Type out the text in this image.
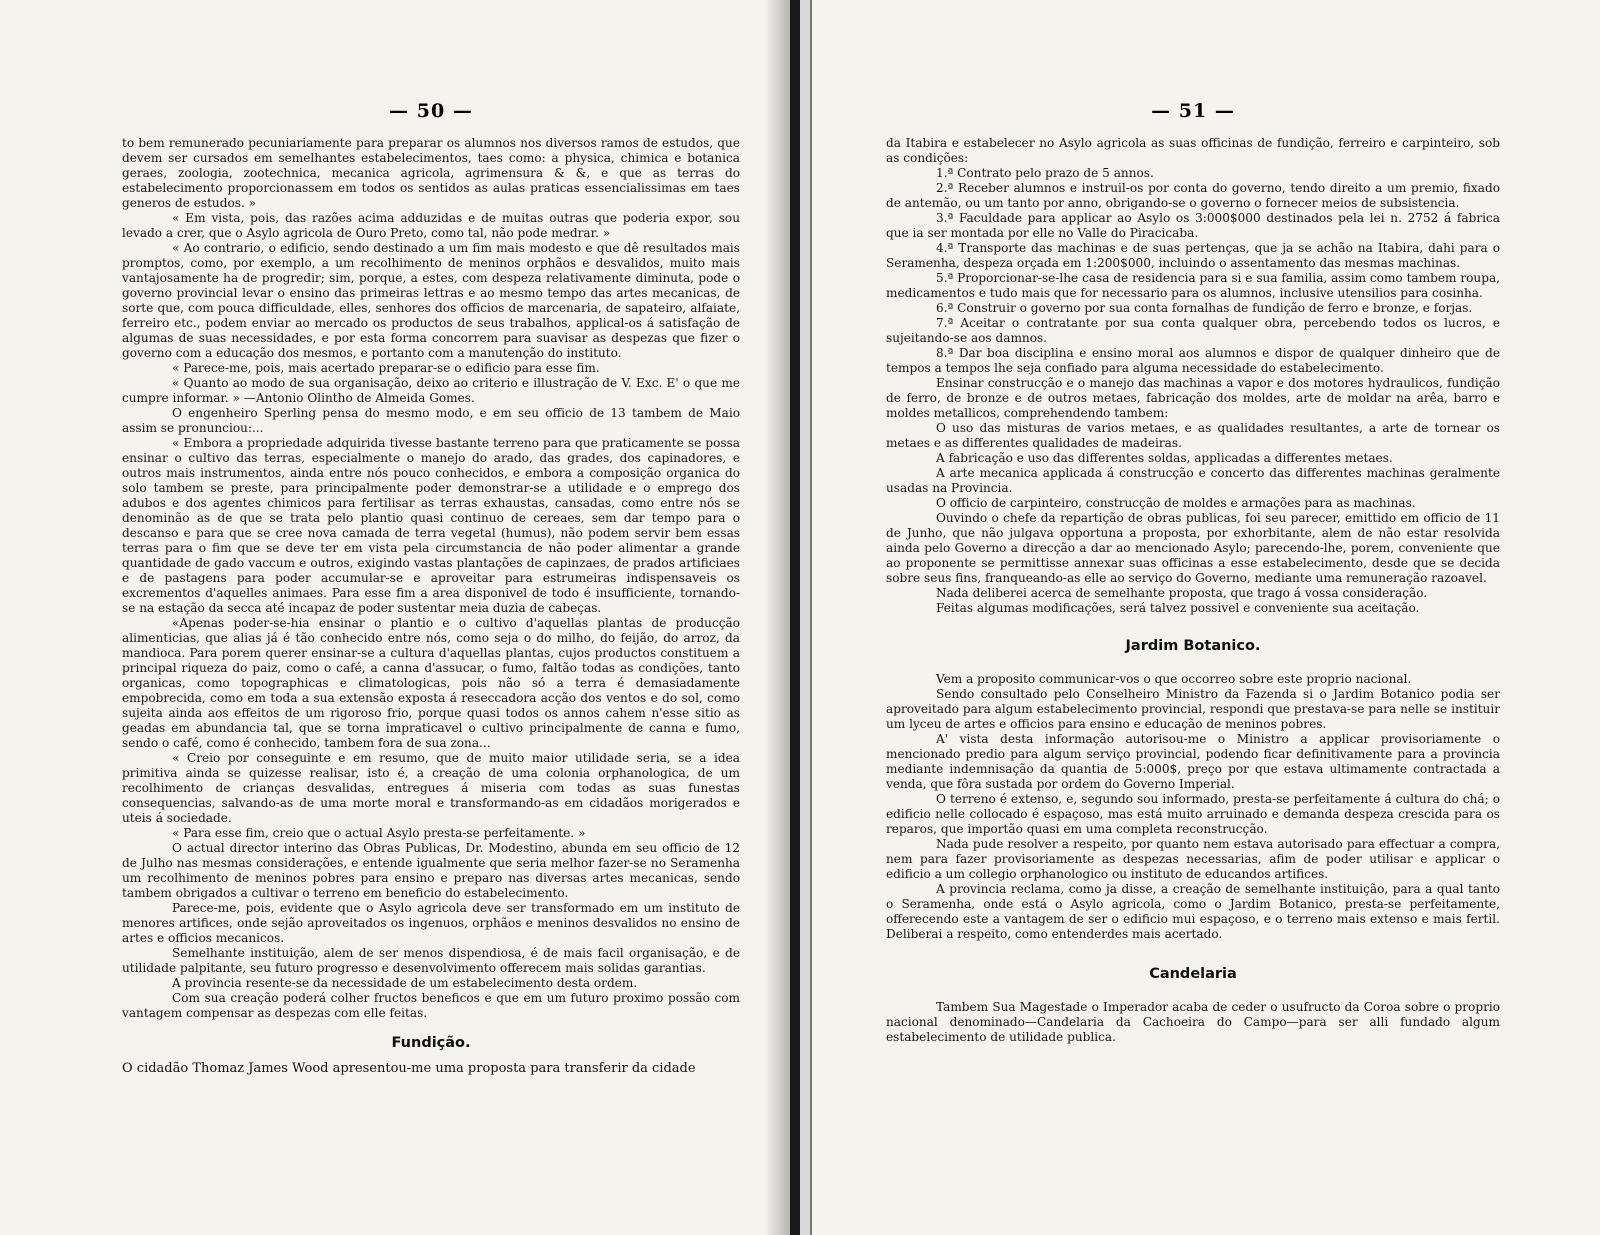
— 50 —

to bem remunerado pecuniariamente para preparar os alumnos nos diversos ramos de estudos, que devem ser cursados em semelhantes estabelecimentos, taes como: a physica, chimica e botanica geraes, zoologia, zootechnica, mecanica agricola, agrimensura & &, e que as terras do estabelecimento proporcionassem em todos os sentidos as aulas praticas essencialissimas em taes generos de estudos. »

« Em vista, pois, das razões acima adduzidas e de muitas outras que poderia expor, sou levado a crer, que o Asylo agricola de Ouro Preto, como tal, não pode medrar. »

« Ao contrario, o edificio, sendo destinado a um fim mais modesto e que dê resultados mais promptos, como, por exemplo, a um recolhimento de meninos orphãos e desvalidos, muito mais vantajosamente ha de progredir; sim, porque, a estes, com despeza relativamente diminuta, pode o governo provincial levar o ensino das primeiras lettras e ao mesmo tempo das artes mecanicas, de sorte que, com pouca difficuldade, elles, senhores dos officios de marcenaria, de sapateiro, alfaiate, ferreiro etc., podem enviar ao mercado os productos de seus trabalhos, applical-os á satisfação de algumas de suas necessidades, e por esta forma concorrem para suavisar as despezas que fizer o governo com a educação dos mesmos, e portanto com a manutenção do instituto.

« Parece-me, pois, mais acertado preparar-se o edificio para esse fim.

« Quanto ao modo de sua organisação, deixo ao criterio e illustração de V. Exc. E' o que me cumpre informar. » —Antonio Olintho de Almeida Gomes.

O engenheiro Sperling pensa do mesmo modo, e em seu officio de 13 tambem de Maio assim se pronunciou:...

« Embora a propriedade adquirida tivesse bastante terreno para que praticamente se possa ensinar o cultivo das terras, especialmente o manejo do arado, das grades, dos capinadores, e outros mais instrumentos, ainda entre nós pouco conhecidos, e embora a composição organica do solo tambem se preste, para principalmente poder demonstrar-se a utilidade e o emprego dos adubos e dos agentes chimicos para fertilisar as terras exhaustas, cansadas, como entre nós se denominão as de que se trata pelo plantio quasi continuo de cereaes, sem dar tempo para o descanso e para que se cree nova camada de terra vegetal (humus), não podem servir bem essas terras para o fim que se deve ter em vista pela circumstancia de não poder alimentar a grande quantidade de gado vaccum e outros, exigindo vastas plantações de capinzaes, de prados artificiaes e de pastagens para poder accumular-se e aproveitar para estrumeiras indispensaveis os excrementos d'aquelles animaes. Para esse fim a area disponivel de todo é insufficiente, tornando-se na estação da secca até incapaz de poder sustentar meia duzia de cabeças.

«Apenas poder-se-hia ensinar o plantio e o cultivo d'aquellas plantas de producção alimenticias, que alias já é tão conhecido entre nós, como seja o do milho, do feijão, do arroz, da mandioca. Para porem querer ensinar-se a cultura d'aquellas plantas, cujos productos constituem a principal riqueza do paiz, como o café, a canna d'assucar, o fumo, faltão todas as condições, tanto organicas, como topographicas e climatologicas, pois não só a terra é demasiadamente empobrecida, como em toda a sua extensão exposta á reseccadora acção dos ventos e do sol, como sujeita ainda aos effeitos de um rigoroso frio, porque quasi todos os annos cahem n'esse sitio as geadas em abundancia tal, que se torna impraticavel o cultivo principalmente de canna e fumo, sendo o café, como é conhecido, tambem fora de sua zona...

« Creio por conseguinte e em resumo, que de muito maior utilidade seria, se a idea primitiva ainda se quizesse realisar, isto é, a creação de uma colonia orphanologica, de um recolhimento de crianças desvalidas, entregues á miseria com todas as suas funestas consequencias, salvando-as de uma morte moral e transformando-as em cidadãos morigerados e uteis á sociedade.

« Para esse fim, creio que o actual Asylo presta-se perfeitamente. »

O actual director interino das Obras Publicas, Dr. Modestino, abunda em seu officio de 12 de Julho nas mesmas considerações, e entende igualmente que seria melhor fazer-se no Seramenha um recolhimento de meninos pobres para ensino e preparo nas diversas artes mecanicas, sendo tambem obrigados a cultivar o terreno em beneficio do estabelecimento.

Parece-me, pois, evidente que o Asylo agricola deve ser transformado em um instituto de menores artifices, onde sejão aproveitados os ingenuos, orphãos e meninos desvalidos no ensino de artes e officios mecanicos.

Semelhante instituição, alem de ser menos dispendiosa, é de mais facil organisação, e de utilidade palpitante, seu futuro progresso e desenvolvimento offerecem mais solidas garantias.

A provincia resente-se da necessidade de um estabelecimento desta ordem.

Com sua creação poderá colher fructos beneficos e que em um futuro proximo possão com vantagem compensar as despezas com elle feitas.

Fundição.

O cidadão Thomaz James Wood apresentou-me uma proposta para transferir da cidade

— 51 —

da Itabira e estabelecer no Asylo agricola as suas officinas de fundição, ferreiro e carpinteiro, sob as condições:

1.ª Contrato pelo prazo de 5 annos.

2.ª Receber alumnos e instruil-os por conta do governo, tendo direito a um premio, fixado de antemão, ou um tanto por anno, obrigando-se o governo o fornecer meios de subsistencia.

3.ª Faculdade para applicar ao Asylo os 3:000$000 destinados pela lei n. 2752 á fabrica que ia ser montada por elle no Valle do Piracicaba.

4.ª Transporte das machinas e de suas pertenças, que ja se achão na Itabira, dahi para o Seramenha, despeza orçada em 1:200$000, incluindo o assentamento das mesmas machinas.

5.ª Proporcionar-se-lhe casa de residencia para si e sua familia, assim como tambem roupa, medicamentos e tudo mais que for necessario para os alumnos, inclusive utensilios para cosinha.

6.ª Construir o governo por sua conta fornalhas de fundição de ferro e bronze, e forjas.

7.ª Aceitar o contratante por sua conta qualquer obra, percebendo todos os lucros, e sujeitando-se aos damnos.

8.ª Dar boa disciplina e ensino moral aos alumnos e dispor de qualquer dinheiro que de tempos a tempos lhe seja confiado para alguma necessidade do estabelecimento.

Ensinar construcção e o manejo das machinas a vapor e dos motores hydraulicos, fundição de ferro, de bronze e de outros metaes, fabricação dos moldes, arte de moldar na arêa, barro e moldes metallicos, comprehendendo tambem:

O uso das misturas de varios metaes, e as qualidades resultantes, a arte de tornear os metaes e as differentes qualidades de madeiras.

A fabricação e uso das differentes soldas, applicadas a differentes metaes.

A arte mecanica applicada á construcção e concerto das differentes machinas geralmente usadas na Provincia.

O officio de carpinteiro, construcção de moldes e armações para as machinas.

Ouvindo o chefe da repartição de obras publicas, foi seu parecer, emittido em officio de 11 de Junho, que não julgava opportuna a proposta, por exhorbitante, alem de não estar resolvida ainda pelo Governo a direcção a dar ao mencionado Asylo; parecendo-lhe, porem, conveniente que ao proponente se permittisse annexar suas officinas a esse estabelecimento, desde que se decida sobre seus fins, franqueando-as elle ao serviço do Governo, mediante uma remuneração razoavel.

Nada deliberei acerca de semelhante proposta, que trago á vossa consideração.

Feitas algumas modificações, será talvez possivel e conveniente sua aceitação.

Jardim Botanico.

Vem a proposito communicar-vos o que occorreo sobre este proprio nacional.

Sendo consultado pelo Conselheiro Ministro da Fazenda si o Jardim Botanico podia ser aproveitado para algum estabelecimento provincial, respondi que prestava-se para nelle se instituir um lyceu de artes e officios para ensino e educação de meninos pobres.

A' vista desta informação autorisou-me o Ministro a applicar provisoriamente o mencionado predio para algum serviço provincial, podendo ficar definitivamente para a provincia mediante indemnisação da quantia de 5:000$, preço por que estava ultimamente contractada a venda, que fôra sustada por ordem do Governo Imperial.

O terreno é extenso, e, segundo sou informado, presta-se perfeitamente á cultura do chá; o edificio nelle collocado é espaçoso, mas está muito arruinado e demanda despeza crescida para os reparos, que importão quasi em uma completa reconstrucção.

Nada pude resolver a respeito, por quanto nem estava autorisado para effectuar a compra, nem para fazer provisoriamente as despezas necessarias, afim de poder utilisar e applicar o edificio a um collegio orphanologico ou instituto de educandos artifices.

A provincia reclama, como ja disse, a creação de semelhante instituição, para a qual tanto o Seramenha, onde está o Asylo agricola, como o Jardim Botanico, presta-se perfeitamente, offerecendo este a vantagem de ser o edificio mui espaçoso, e o terreno mais extenso e mais fertil. Deliberai a respeito, como entenderdes mais acertado.

Candelaria

Tambem Sua Magestade o Imperador acaba de ceder o usufructo da Coroa sobre o proprio nacional denominado—Candelaria da Cachoeira do Campo—para ser alli fundado algum estabelecimento de utilidade publica.
